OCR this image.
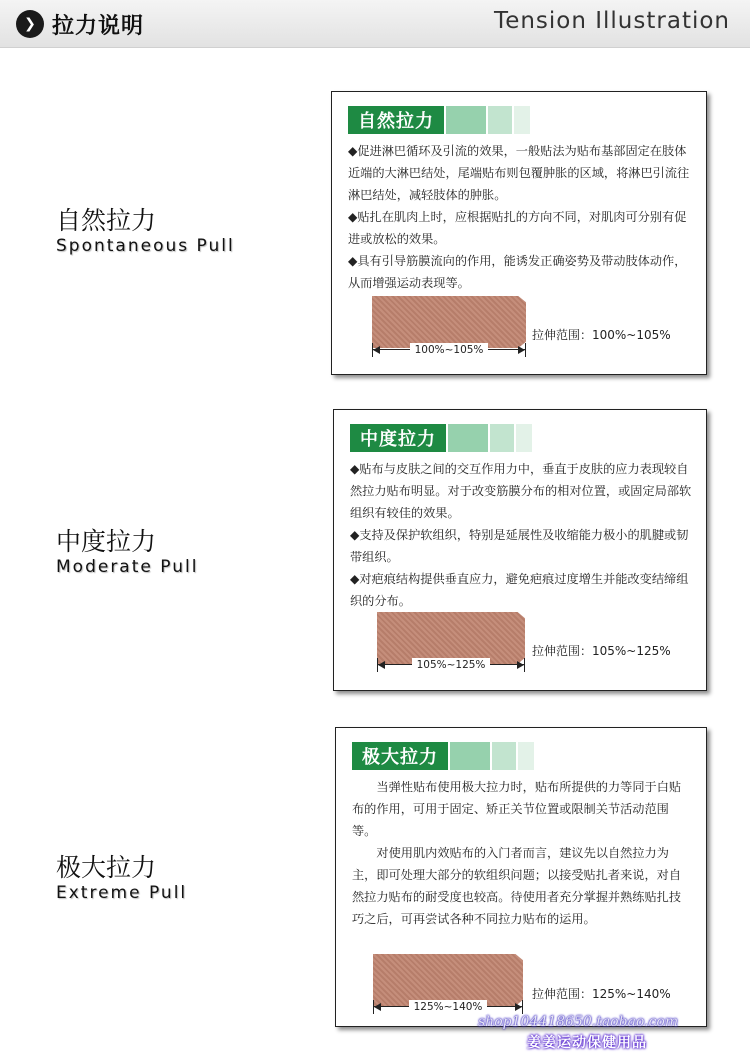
❯ 拉力说明	Tension Illustration
自然拉力
Spontaneous Pull
自然拉力

◆促进淋巴循环及引流的效果，一般贴法为贴布基部固定在肢体近端的大淋巴结处，尾端贴布则包覆肿胀的区域，将淋巴引流往淋巴结处，减轻肢体的肿胀。

◆贴扎在肌肉上时，应根据贴扎的方向不同，对肌肉可分别有促进或放松的效果。

◆具有引导筋膜流向的作用，能诱发正确姿势及带动肢体动作，从而增强运动表现等。

100%~105%
拉伸范围：100%~105%
中度拉力
Moderate Pull
中度拉力

◆贴布与皮肤之间的交互作用力中，垂直于皮肤的应力表现较自然拉力贴布明显。对于改变筋膜分布的相对位置，或固定局部软组织有较佳的效果。

◆支持及保护软组织，特别是延展性及收缩能力极小的肌腱或韧带组织。

◆对疤痕结构提供垂直应力，避免疤痕过度增生并能改变结缔组织的分布。

105%~125%
拉伸范围：105%~125%
极大拉力
Extreme Pull
极大拉力

当弹性贴布使用极大拉力时，贴布所提供的力等同于白贴布的作用，可用于固定、矫正关节位置或限制关节活动范围等。

对使用肌内效贴布的入门者而言，建议先以自然拉力为主，即可处理大部分的软组织问题；以接受贴扎者来说，对自然拉力贴布的耐受度也较高。待使用者充分掌握并熟练贴扎技巧之后，可再尝试各种不同拉力贴布的运用。

125%~140%
拉伸范围：125%~140%
shop104418650.taobao.com
姜姜运动保健用品
